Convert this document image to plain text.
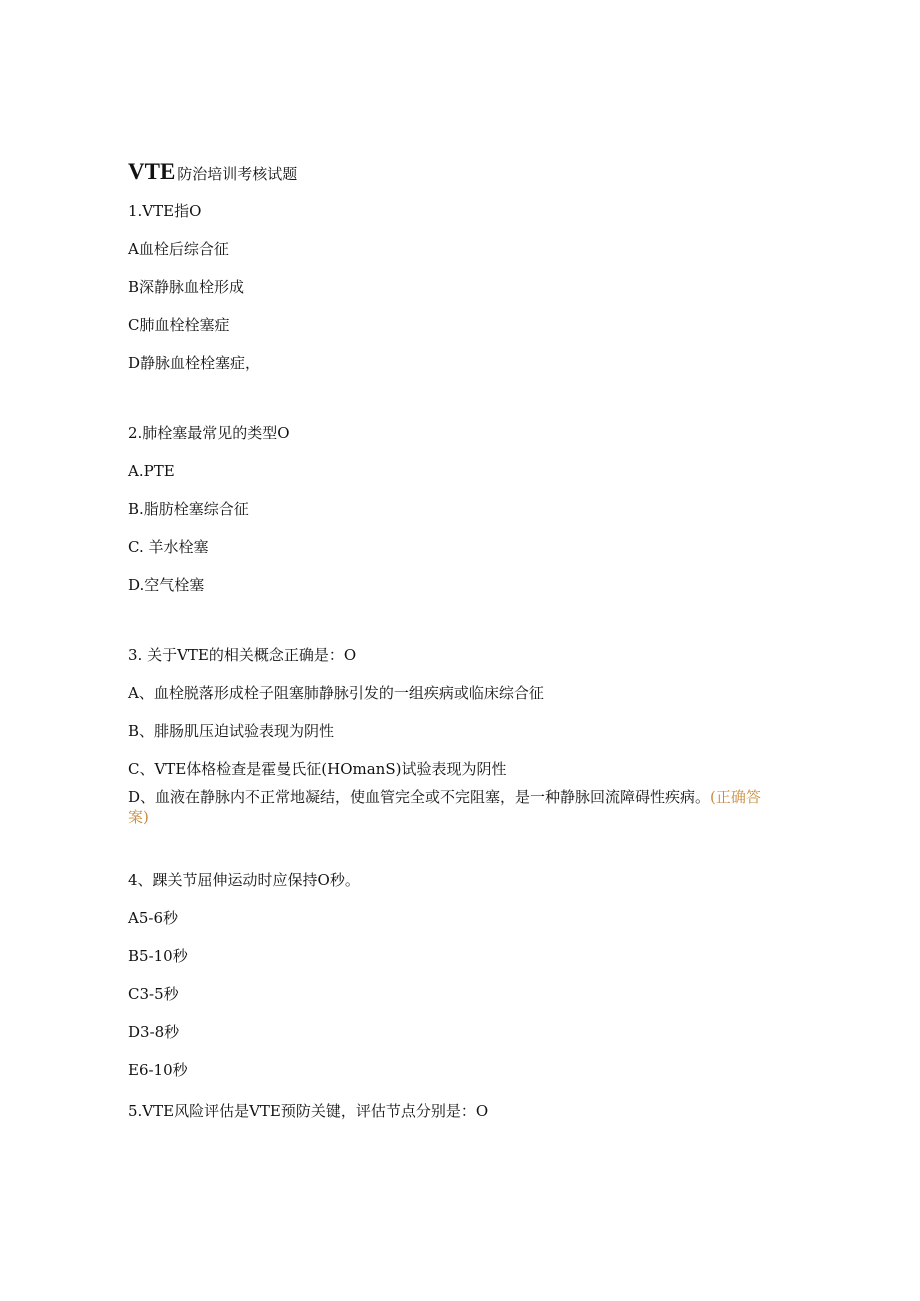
VTE 防治培训考核试题
1.VTE指O
A血栓后综合征
B深静脉血栓形成
C肺血栓栓塞症
D静脉血栓栓塞症，
2.肺栓塞最常见的类型O
A.PTE
B.脂肪栓塞综合征
C. 羊水栓塞
D.空气栓塞
3. 关于VTE的相关概念正确是：O
A、血栓脱落形成栓子阻塞肺静脉引发的一组疾病或临床综合征
B、腓肠肌压迫试验表现为阴性
C、VTE体格检查是霍曼氏征(HOmanS)试验表现为阴性
D、血液在静脉内不正常地凝结，使血管完全或不完阻塞，是一种静脉回流障碍性疾病。(正确答案)
4、踝关节屈伸运动时应保持O秒。
A5-6秒
B5-10秒
C3-5秒
D3-8秒
E6-10秒
5.VTE风险评估是VTE预防关键，评估节点分别是：O
